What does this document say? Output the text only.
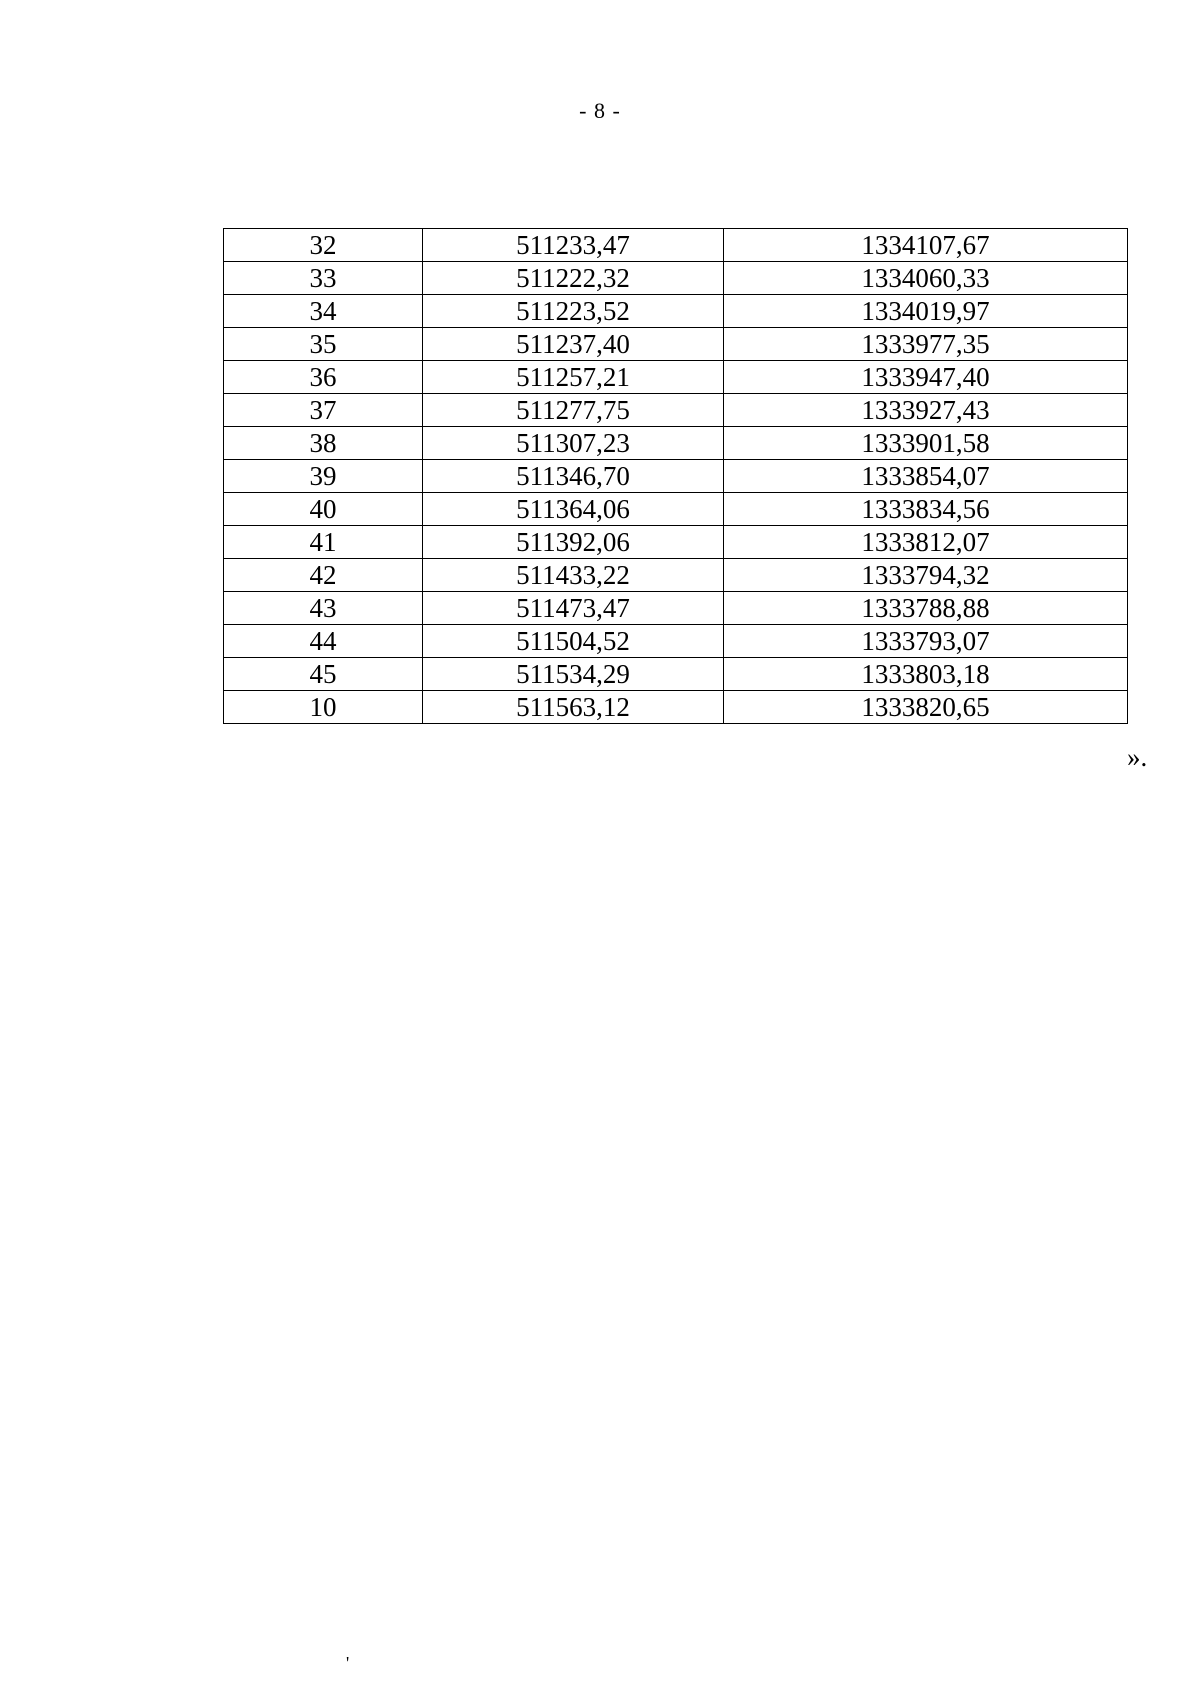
- 8 -
32	511233,47	1334107,67
33	511222,32	1334060,33
34	511223,52	1334019,97
35	511237,40	1333977,35
36	511257,21	1333947,40
37	511277,75	1333927,43
38	511307,23	1333901,58
39	511346,70	1333854,07
40	511364,06	1333834,56
41	511392,06	1333812,07
42	511433,22	1333794,32
43	511473,47	1333788,88
44	511504,52	1333793,07
45	511534,29	1333803,18
10	511563,12	1333820,65
».
'
